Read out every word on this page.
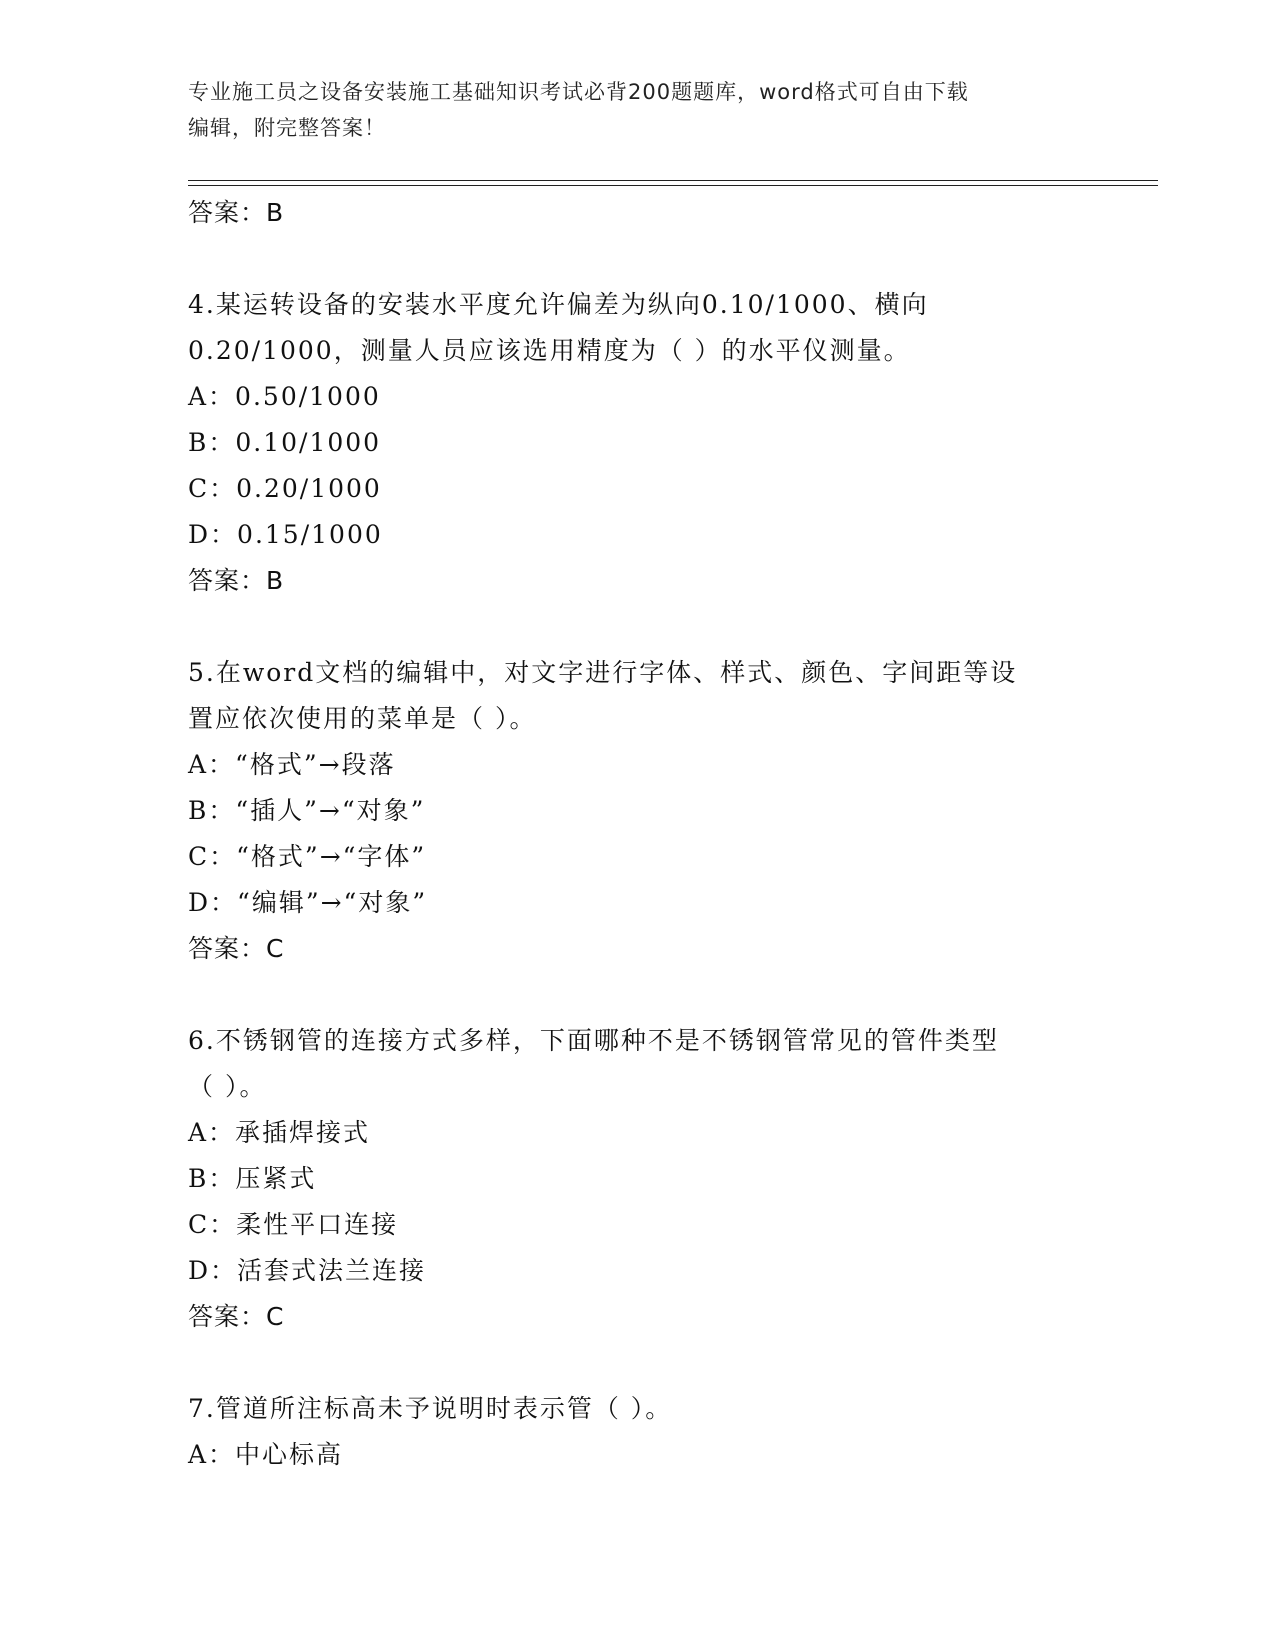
专业施工员之设备安装施工基础知识考试必背200题题库，word格式可自由下载
编辑，附完整答案！
答案：B
4.某运转设备的安装水平度允许偏差为纵向0.10/1000、横向
0.20/1000，测量人员应该选用精度为（ ）的水平仪测量。
A：0.50/1000
B：0.10/1000
C：0.20/1000
D：0.15/1000
答案：B
5.在word文档的编辑中，对文字进行字体、样式、颜色、字间距等设
置应依次使用的菜单是（ ）。
A：“格式”→段落
B：“插人”→“对象”
C：“格式”→“字体”
D：“编辑”→“对象”
答案：C
6.不锈钢管的连接方式多样，下面哪种不是不锈钢管常见的管件类型
（ ）。
A：承插焊接式
B：压紧式
C：柔性平口连接
D：活套式法兰连接
答案：C
7.管道所注标高未予说明时表示管（ ）。
A：中心标高
